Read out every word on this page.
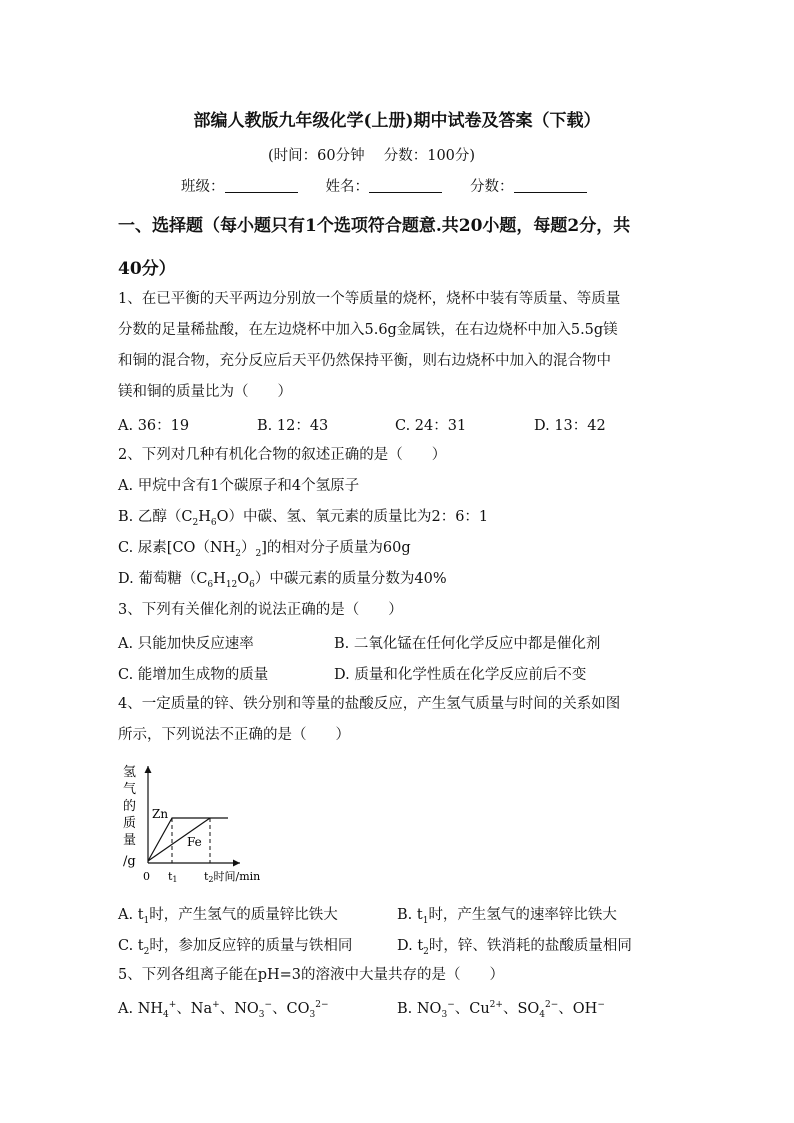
部编人教版九年级化学(上册)期中试卷及答案（下载）
(时间：60分钟　 分数：100分)
班级：	姓名：	分数：
一、选择题（每小题只有1个选项符合题意.共20小题，每题2分，共
40分）
1、在已平衡的天平两边分别放一个等质量的烧杯，烧杯中装有等质量、等质量
分数的足量稀盐酸，在左边烧杯中加入5.6g金属铁，在右边烧杯中加入5.5g镁
和铜的混合物，充分反应后天平仍然保持平衡，则右边烧杯中加入的混合物中
镁和铜的质量比为（　　）
A. 36：19	B. 12：43	C. 24：31	D. 13：42
2、下列对几种有机化合物的叙述正确的是（　　）
A. 甲烷中含有1个碳原子和4个氢原子
B. 乙醇$(C_2H_6O)$中碳、氢、氧元素的质量比为2：6：1
C. 尿素$[CO(NH_2)_2]$的相对分子质量为60g
D. 葡萄糖$(C_6H_{12}O_6)$中碳元素的质量分数为40%
3、下列有关催化剂的说法正确的是（　　）
A. 只能加快反应速率	B. 二氧化锰在任何化学反应中都是催化剂
C. 能增加生成物的质量	D. 质量和化学性质在化学反应前后不变
4、一定质量的锌、铁分别和等量的盐酸反应，产生氢气质量与时间的关系如图
所示，下列说法不正确的是（　　）
氢
气
的
质
量
/g
Zn
Fe
0 t1 t2时间/min
A. $t_1$时，产生氢气的质量锌比铁大	B. $t_1$时，产生氢气的速率锌比铁大
C. $t_2$时，参加反应锌的质量与铁相同	D. $t_2$时，锌、铁消耗的盐酸质量相同
5、下列各组离子能在pH=3的溶液中大量共存的是（　　）
A. $NH_4^+$、Na+、$NO_3^-$、$CO_3^{2-}$	B. $NO_3^-$、$Cu^{2+}$、$SO_4^{2-}$、OH−
